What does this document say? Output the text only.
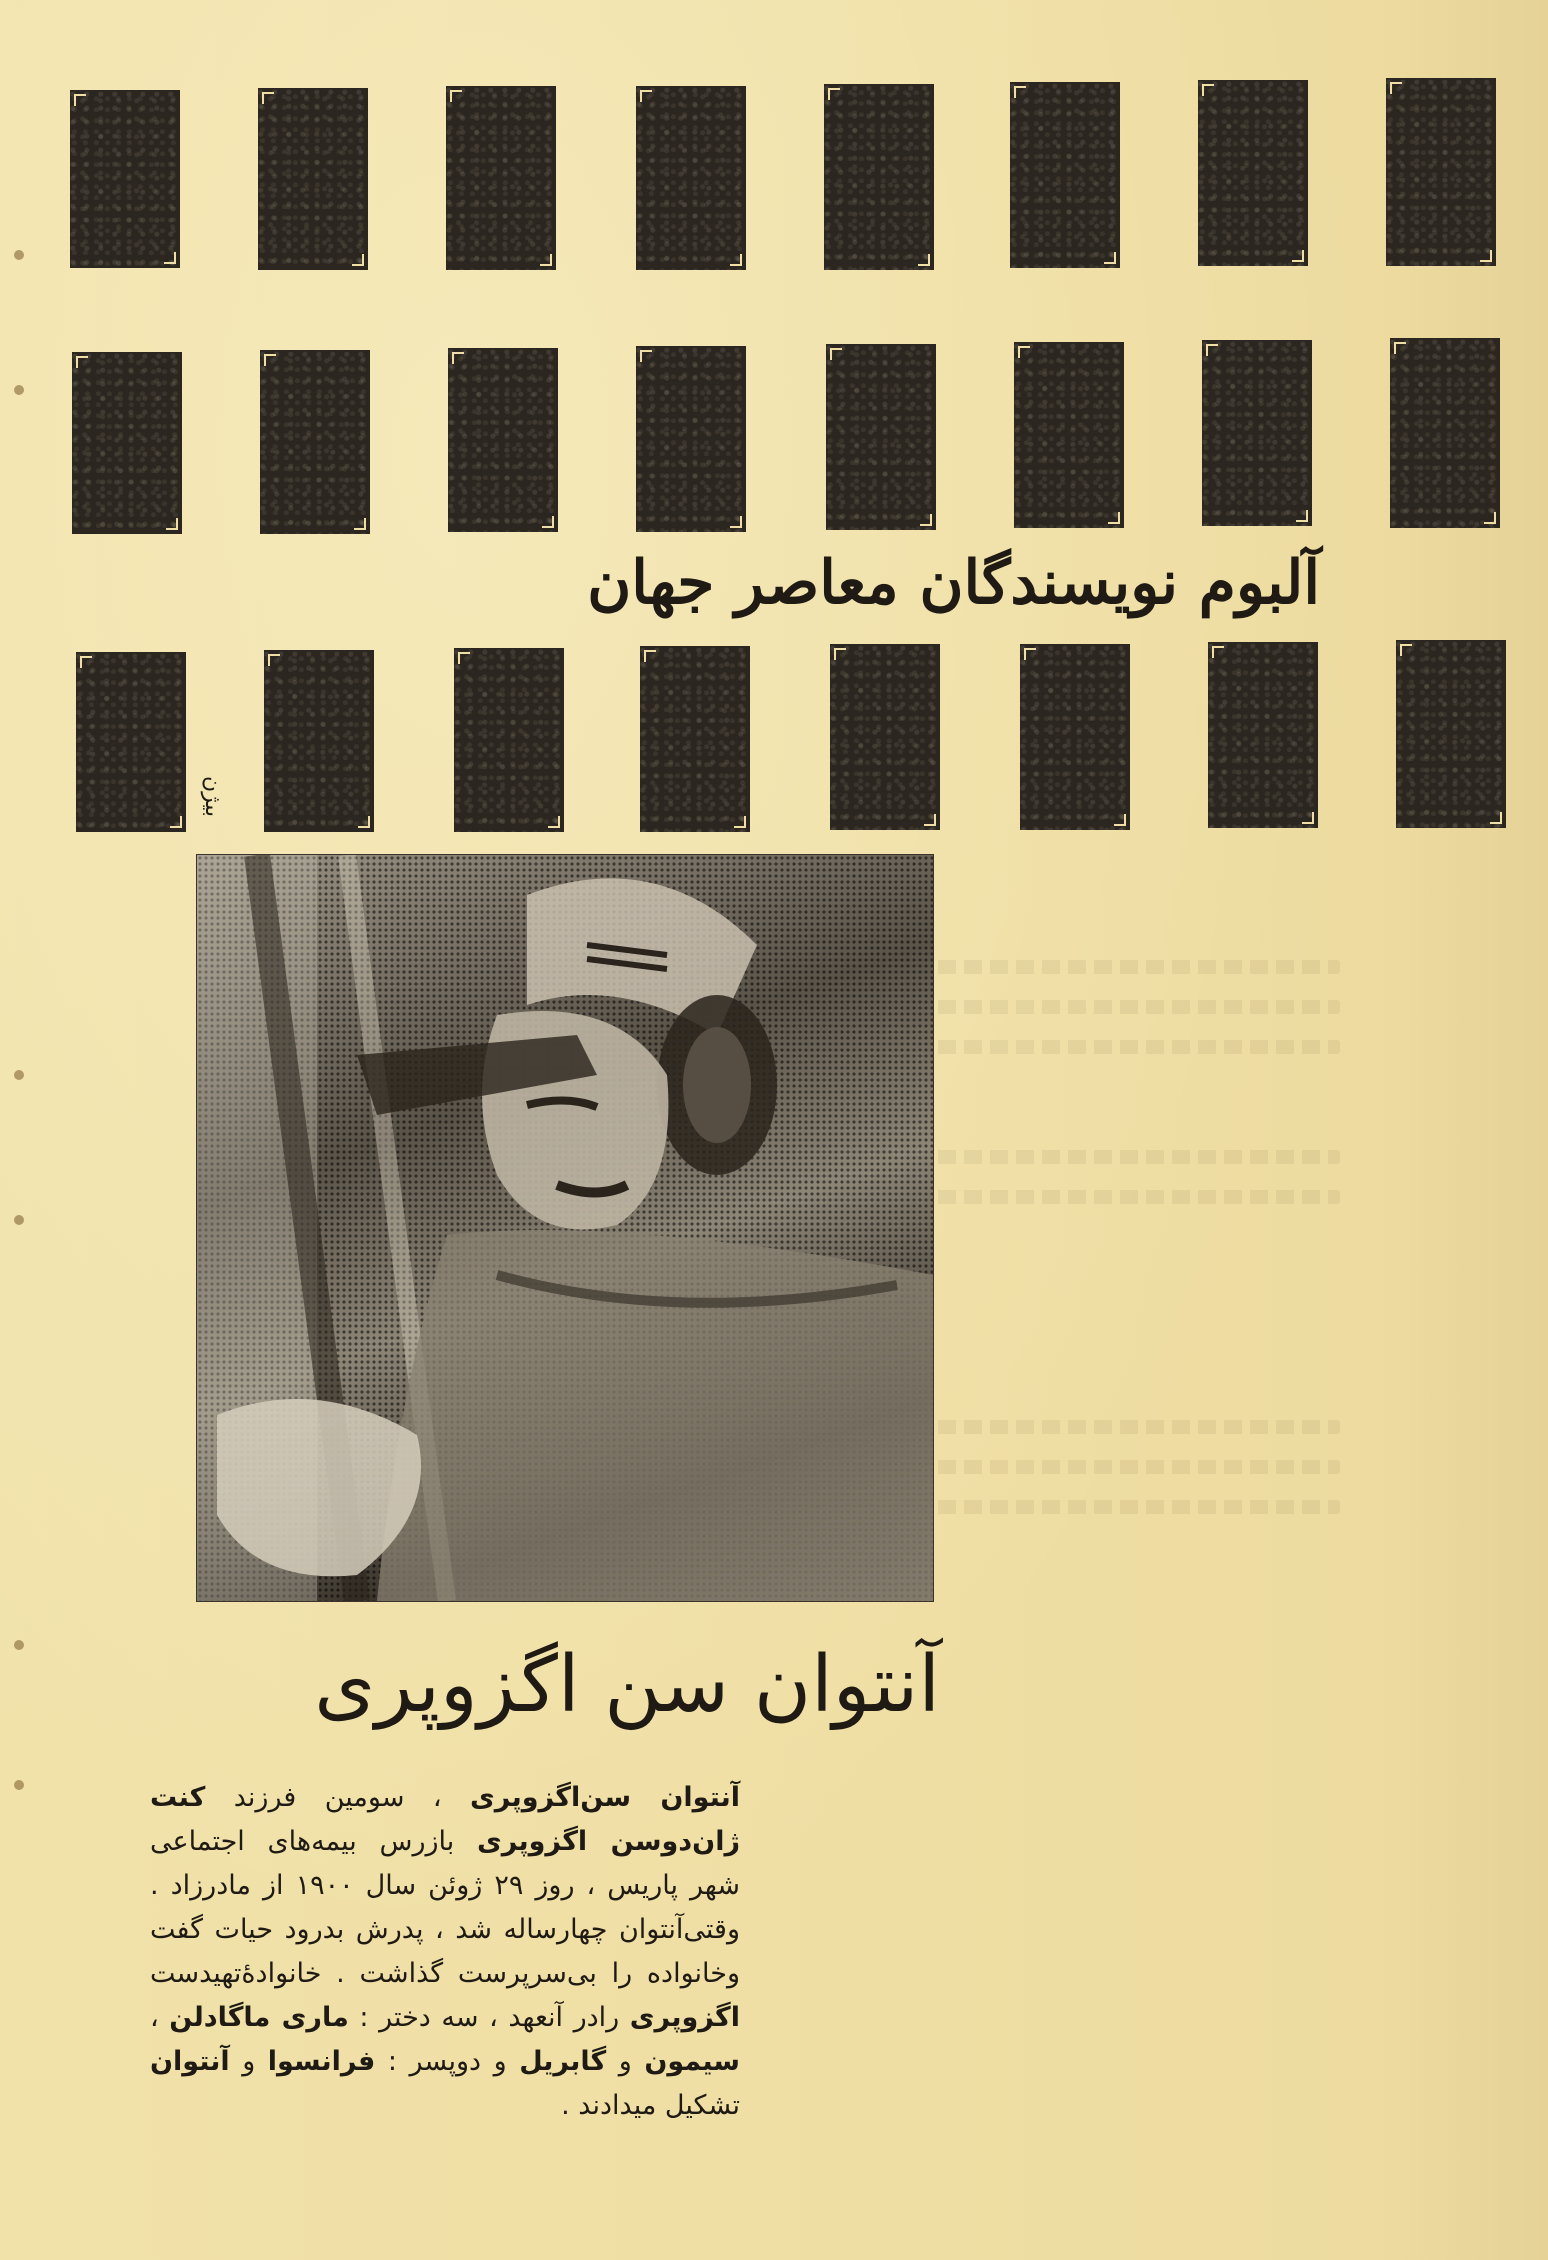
آلبوم نویسندگان معاصر جهان
بیژن
آنتوان سن اگزوپری
آنتوان سن‌اگزوپری ، سومین فرزند کنت ژان‌دوسن اگزوپری بازرس بیمه‌های اجتماعی شهر پاریس ، روز ۲۹ ژوئن سال ۱۹۰۰ از مادرزاد . وقتی‌آنتوان چهارساله شد ، پدرش بدرود حیات گفت وخانواده را بی‌سرپرست گذاشت . خانوادهٔ‌تهیدست اگزوپری رادر آنعهد ، سه دختر : ماری ماگادلن ، سیمون و گابریل و دوپسر : فرانسوا و آنتوان تشکیل میدادند .
